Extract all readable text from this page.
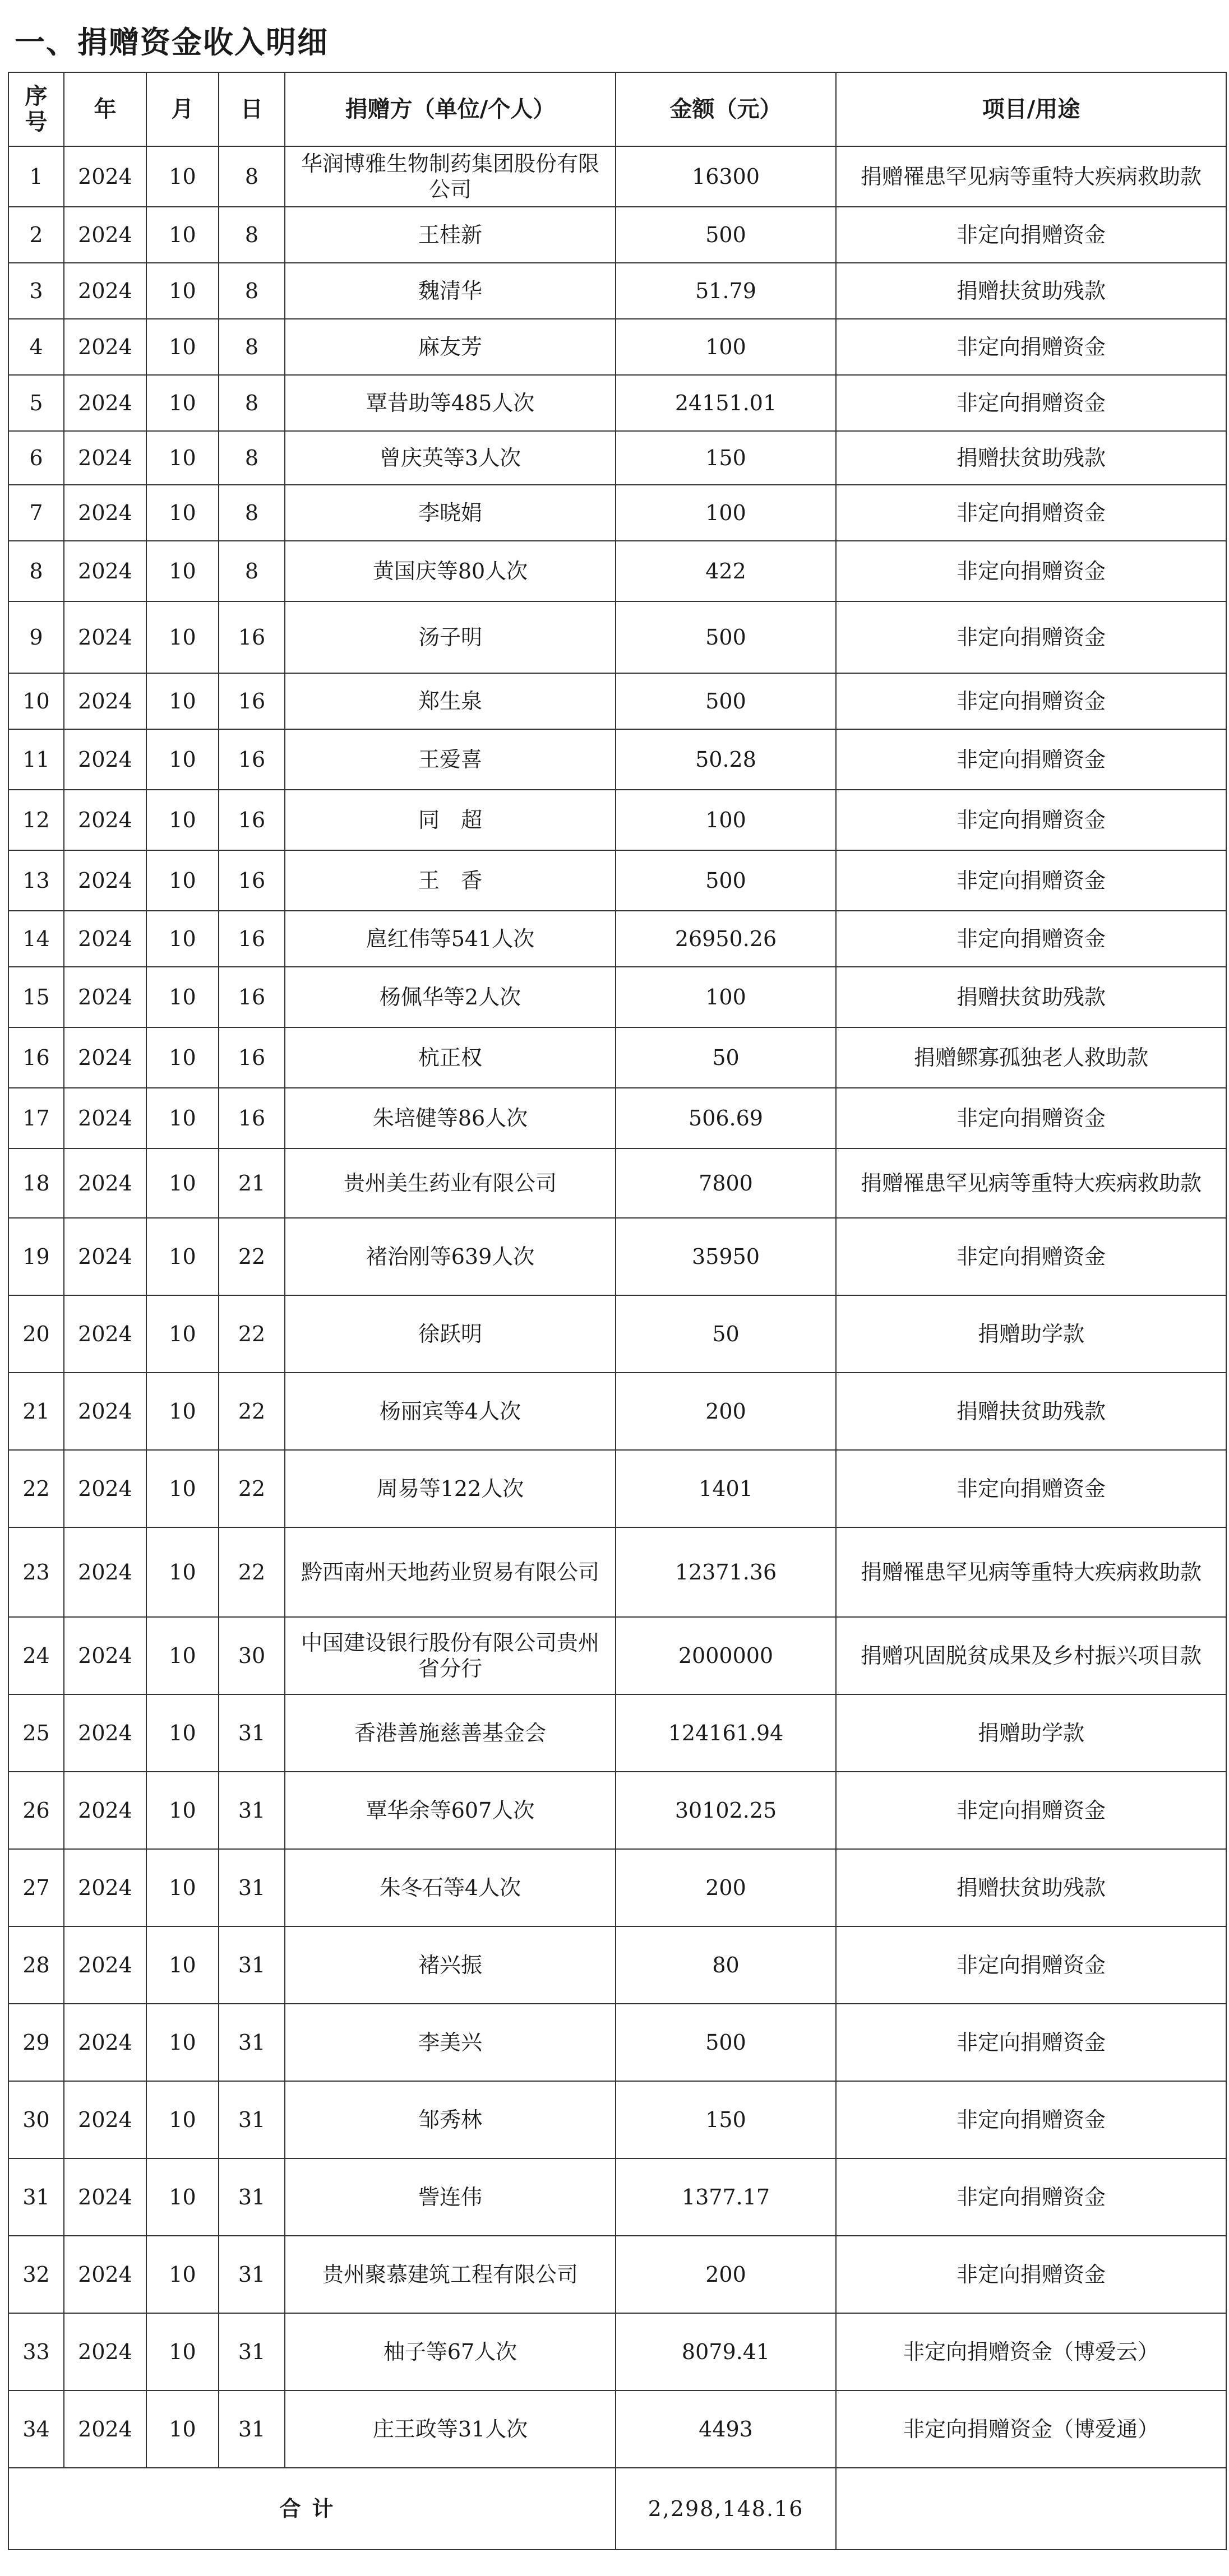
一、捐赠资金收入明细
序号	年	月	日	捐赠方（单位/个人）	金额（元）	项目/用途
1	2024	10	8	华润博雅生物制药集团股份有限公司	16300	捐赠罹患罕见病等重特大疾病救助款
2	2024	10	8	王桂新	500	非定向捐赠资金
3	2024	10	8	魏清华	51.79	捐赠扶贫助残款
4	2024	10	8	麻友芳	100	非定向捐赠资金
5	2024	10	8	覃昔助等485人次	24151.01	非定向捐赠资金
6	2024	10	8	曾庆英等3人次	150	捐赠扶贫助残款
7	2024	10	8	李晓娟	100	非定向捐赠资金
8	2024	10	8	黄国庆等80人次	422	非定向捐赠资金
9	2024	10	16	汤子明	500	非定向捐赠资金
10	2024	10	16	郑生泉	500	非定向捐赠资金
11	2024	10	16	王爱喜	50.28	非定向捐赠资金
12	2024	10	16	同　超	100	非定向捐赠资金
13	2024	10	16	王　香	500	非定向捐赠资金
14	2024	10	16	扈红伟等541人次	26950.26	非定向捐赠资金
15	2024	10	16	杨佩华等2人次	100	捐赠扶贫助残款
16	2024	10	16	杭正权	50	捐赠鳏寡孤独老人救助款
17	2024	10	16	朱培健等86人次	506.69	非定向捐赠资金
18	2024	10	21	贵州美生药业有限公司	7800	捐赠罹患罕见病等重特大疾病救助款
19	2024	10	22	褚治刚等639人次	35950	非定向捐赠资金
20	2024	10	22	徐跃明	50	捐赠助学款
21	2024	10	22	杨丽宾等4人次	200	捐赠扶贫助残款
22	2024	10	22	周易等122人次	1401	非定向捐赠资金
23	2024	10	22	黔西南州天地药业贸易有限公司	12371.36	捐赠罹患罕见病等重特大疾病救助款
24	2024	10	30	中国建设银行股份有限公司贵州省分行	2000000	捐赠巩固脱贫成果及乡村振兴项目款
25	2024	10	31	香港善施慈善基金会	124161.94	捐赠助学款
26	2024	10	31	覃华余等607人次	30102.25	非定向捐赠资金
27	2024	10	31	朱冬石等4人次	200	捐赠扶贫助残款
28	2024	10	31	褚兴振	80	非定向捐赠资金
29	2024	10	31	李美兴	500	非定向捐赠资金
30	2024	10	31	邹秀林	150	非定向捐赠资金
31	2024	10	31	訾连伟	1377.17	非定向捐赠资金
32	2024	10	31	贵州聚慕建筑工程有限公司	200	非定向捐赠资金
33	2024	10	31	柚子等67人次	8079.41	非定向捐赠资金（博爱云）
34	2024	10	31	庄王政等31人次	4493	非定向捐赠资金（博爱通）
合计					2,298,148.16	
